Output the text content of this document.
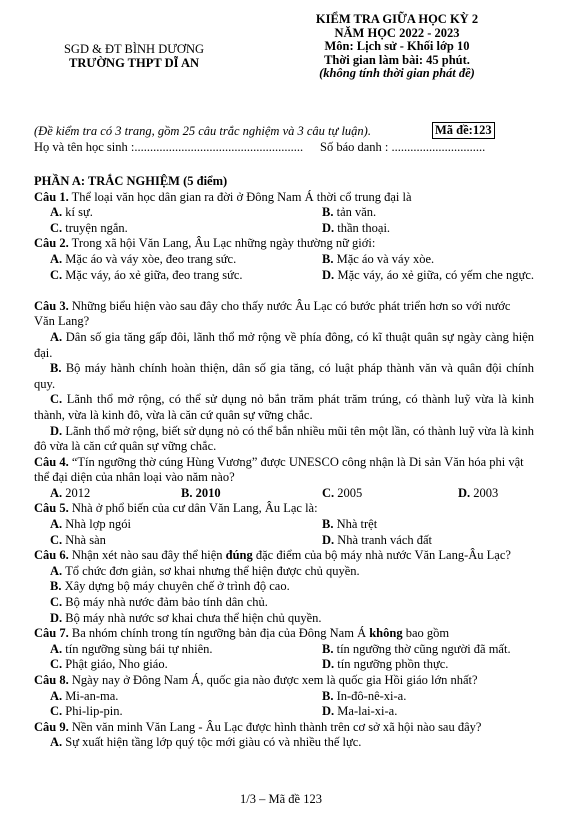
SGD & ĐT BÌNH DƯƠNG
TRƯỜNG THPT DĨ AN
KIỂM TRA GIỮA HỌC KỲ 2
NĂM HỌC 2022 - 2023
Môn: Lịch sử - Khối lớp 10
Thời gian làm bài: 45 phút.
(không tính thời gian phát đề)
(Đề kiểm tra có 3 trang, gồm 25 câu trắc nghiệm và 3 câu tự luận).	Mã đề:123
Họ và tên học sinh :...................................................... Số báo danh : ..............................
PHẦN A: TRẮC NGHIỆM (5 điểm)
Câu 1. Thể loại văn học dân gian ra đời ở Đông Nam Á thời cổ trung đại là
A. kí sự.	B. tản văn.
C. truyện ngắn.	D. thần thoại.
Câu 2. Trong xã hội Văn Lang, Âu Lạc những ngày thường nữ giới:
A. Mặc áo và váy xòe, đeo trang sức.	B. Mặc áo và váy xòe.
C. Mặc váy, áo xẻ giữa, đeo trang sức.	D. Mặc váy, áo xẻ giữa, có yếm che ngực.
Câu 3. Những biểu hiện vào sau đây cho thấy nước Âu Lạc có bước phát triển hơn so với nước Văn Lang?

A. Dân số gia tăng gấp đôi, lãnh thổ mở rộng về phía đông, có kĩ thuật quân sự ngày càng hiện đại.

B. Bộ máy hành chính hoàn thiện, dân số gia tăng, có luật pháp thành văn và quân đội chính quy.

C. Lãnh thổ mở rộng, có thể sử dụng nỏ bắn trăm phát trăm trúng, có thành luỹ vừa là kinh thành, vừa là kinh đô, vừa là căn cứ quân sự vững chắc.

D. Lãnh thổ mở rộng, biết sử dụng nỏ có thể bắn nhiều mũi tên một lần, có thành luỹ vừa là kinh đô vừa là căn cứ quân sự vững chắc.

Câu 4. “Tín ngưỡng thờ cúng Hùng Vương” được UNESCO công nhận là Di sản Văn hóa phi vật thể đại diện của nhân loại vào năm nào?
A. 2012	B. 2010	C. 2005	D. 2003
Câu 5. Nhà ở phổ biến của cư dân Văn Lang, Âu Lạc là:
A. Nhà lợp ngói	B. Nhà trệt
C. Nhà sàn	D. Nhà tranh vách đất
Câu 6. Nhận xét nào sau đây thể hiện đúng đặc điểm của bộ máy nhà nước Văn Lang-Âu Lạc?

A. Tổ chức đơn giản, sơ khai nhưng thể hiện được chủ quyền.

B. Xây dựng bộ máy chuyên chế ở trình độ cao.

C. Bộ máy nhà nước đảm bảo tính dân chủ.

D. Bộ máy nhà nước sơ khai chưa thể hiện chủ quyền.

Câu 7. Ba nhóm chính trong tín ngưỡng bản địa của Đông Nam Á không bao gồm
A. tín ngưỡng sùng bái tự nhiên.	B. tín ngưỡng thờ cũng người đã mất.
C. Phật giáo, Nho giáo.	D. tín ngưỡng phồn thực.
Câu 8. Ngày nay ở Đông Nam Á, quốc gia nào được xem là quốc gia Hồi giáo lớn nhất?
A. Mi-an-ma.	B. In-đô-nê-xi-a.
C. Phi-lip-pin.	D. Ma-lai-xi-a.
Câu 9. Nền văn minh Văn Lang - Âu Lạc được hình thành trên cơ sở xã hội nào sau đây?

A. Sự xuất hiện tầng lớp quý tộc mới giàu có và nhiều thế lực.

1/3 – Mã đề 123
